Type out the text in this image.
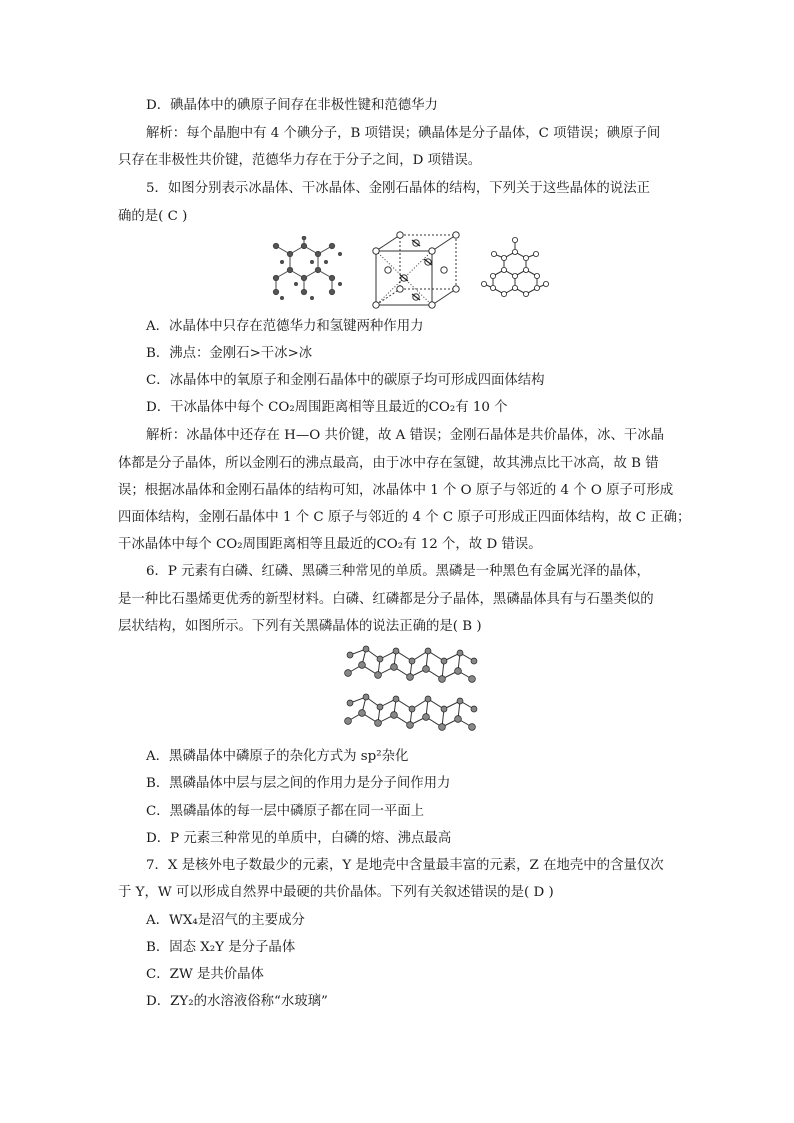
D．碘晶体中的碘原子间存在非极性键和范德华力
解析：每个晶胞中有 4 个碘分子，B 项错误；碘晶体是分子晶体，C 项错误；碘原子间
只存在非极性共价键，范德华力存在于分子之间，D 项错误。
5．如图分别表示冰晶体、干冰晶体、金刚石晶体的结构，下列关于这些晶体的说法正
确的是( C )
A．冰晶体中只存在范德华力和氢键两种作用力
B．沸点：金刚石>干冰>冰
C．冰晶体中的氧原子和金刚石晶体中的碳原子均可形成四面体结构
D．干冰晶体中每个 CO₂周围距离相等且最近的CO₂有 10 个
解析：冰晶体中还存在 H—O 共价键，故 A 错误；金刚石晶体是共价晶体，冰、干冰晶
体都是分子晶体，所以金刚石的沸点最高，由于冰中存在氢键，故其沸点比干冰高，故 B 错
误；根据冰晶体和金刚石晶体的结构可知，冰晶体中 1 个 O 原子与邻近的 4 个 O 原子可形成
四面体结构，金刚石晶体中 1 个 C 原子与邻近的 4 个 C 原子可形成正四面体结构，故 C 正确；
干冰晶体中每个 CO₂周围距离相等且最近的CO₂有 12 个，故 D 错误。
6．P 元素有白磷、红磷、黑磷三种常见的单质。黑磷是一种黑色有金属光泽的晶体，
是一种比石墨烯更优秀的新型材料。白磷、红磷都是分子晶体，黑磷晶体具有与石墨类似的
层状结构，如图所示。下列有关黑磷晶体的说法正确的是( B )
A．黑磷晶体中磷原子的杂化方式为 sp²杂化
B．黑磷晶体中层与层之间的作用力是分子间作用力
C．黑磷晶体的每一层中磷原子都在同一平面上
D．P 元素三种常见的单质中，白磷的熔、沸点最高
7．X 是核外电子数最少的元素，Y 是地壳中含量最丰富的元素，Z 在地壳中的含量仅次
于 Y，W 可以形成自然界中最硬的共价晶体。下列有关叙述错误的是( D )
A．WX₄是沼气的主要成分
B．固态 X₂Y 是分子晶体
C．ZW 是共价晶体
D．ZY₂的水溶液俗称“水玻璃”
